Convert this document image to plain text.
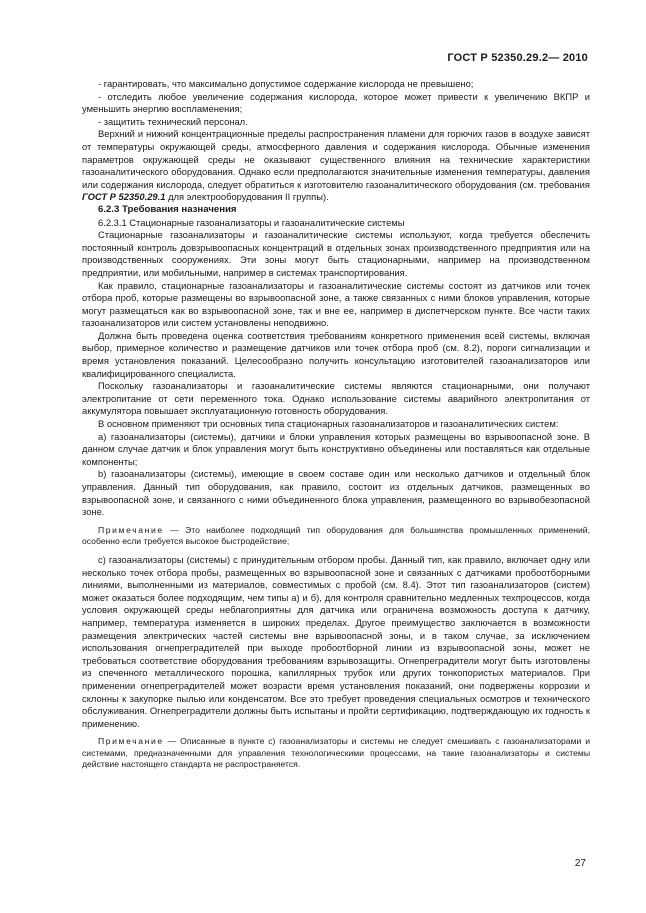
ГОСТ Р 52350.29.2— 2010

- гарантировать, что максимально допустимое содержание кислорода не превышено;

- отследить любое увеличение содержания кислорода, которое может привести к увеличению ВКПР и уменьшить энергию воспламенения;

- защитить технический персонал.

Верхний и нижний концентрационные пределы распространения пламени для горючих газов в воздухе зависят от температуры окружающей среды, атмосферного давления и содержания кислорода. Обычные изменения параметров окружающей среды не оказывают существенного влияния на технические характеристики газоаналитического оборудования. Однако если предполагаются значительные изменения температуры, давления или содержания кислорода, следует обратиться к изготовителю газоаналитического оборудования (см. требования ГОСТ Р 52350.29.1 для электрооборудования II группы).

6.2.3 Требования назначения

6.2.3.1 Стационарные газоанализаторы и газоаналитические системы

Стационарные газоанализаторы и газоаналитические системы используют, когда требуется обеспечить постоянный контроль довзрывоопасных концентраций в отдельных зонах производственного предприятия или на производственных сооружениях. Эти зоны могут быть стационарными, например на производственном предприятии, или мобильными, например в системах транспортирования.

Как правило, стационарные газоанализаторы и газоаналитические системы состоят из датчиков или точек отбора проб, которые размещены во взрывоопасной зоне, а также связанных с ними блоков управления, которые могут размещаться как во взрывоопасной зоне, так и вне ее, например в диспетчерском пункте. Все части таких газоанализаторов или систем установлены неподвижно.

Должна быть проведена оценка соответствия требованиям конкретного применения всей системы, включая выбор, примерное количество и размещение датчиков или точек отбора проб (см. 8.2), пороги сигнализации и время установления показаний. Целесообразно получить консультацию изготовителей газоанализаторов или квалифицированного специалиста.

Поскольку газоанализаторы и газоаналитические системы являются стационарными, они получают электропитание от сети переменного тока. Однако использование системы аварийного электропитания от аккумулятора повышает эксплуатационную готовность оборудования.

В основном применяют три основных типа стационарных газоанализаторов и газоаналитических систем:

а) газоанализаторы (системы), датчики и блоки управления которых размещены во взрывоопасной зоне. В данном случае датчик и блок управления могут быть конструктивно объединены или поставляться как отдельные компоненты;

b) газоанализаторы (системы), имеющие в своем составе один или несколько датчиков и отдельный блок управления. Данный тип оборудования, как правило, состоит из отдельных датчиков, размещенных во взрывоопасной зоне, и связанного с ними объединенного блока управления, размещенного во взрывобезопасной зоне.

Примечание — Это наиболее подходящий тип оборудования для большинства промышленных применений, особенно если требуется высокое быстродействие;

c) газоанализаторы (системы) с принудительным отбором пробы. Данный тип, как правило, включает одну или несколько точек отбора пробы, размещенных во взрывоопасной зоне и связанных с датчиками пробоотборными линиями, выполненными из материалов, совместимых с пробой (см. 8.4). Этот тип газоанализаторов (систем) может оказаться более подходящим, чем типы а) и б), для контроля сравнительно медленных техпроцессов, когда условия окружающей среды неблагоприятны для датчика или ограничена возможность доступа к датчику, например, температура изменяется в широких пределах. Другое преимущество заключается в возможности размещения электрических частей системы вне взрывоопасной зоны, и в таком случае, за исключением использования огнепреградителей при выходе пробоотборной линии из взрывоопасной зоны, может не требоваться соответствие оборудования требованиям взрывозащиты. Огнепреградители могут быть изготовлены из спеченного металлического порошка, капиллярных трубок или других тонкопористых материалов. При применении огнепреградителей может возрасти время установления показаний, они подвержены коррозии и склонны к закупорке пылью или конденсатом. Все это требует проведения специальных осмотров и технического обслуживания. Огнепреградители должны быть испытаны и пройти сертификацию, подтверждающую их годность к применению.

Примечание — Описанные в пункте с) газоанализаторы и системы не следует смешивать с газоанализаторами и системами, предназначенными для управления технологическими процессами, на такие газоанализаторы и системы действие настоящего стандарта не распространяется.

27
